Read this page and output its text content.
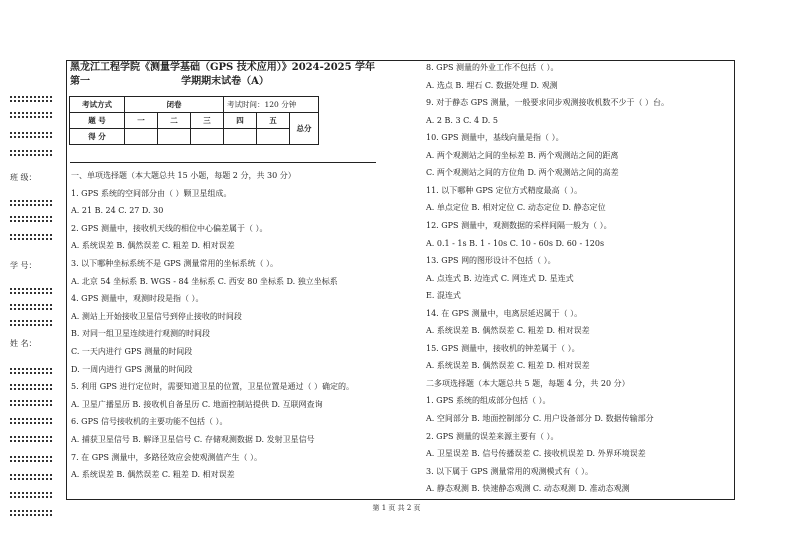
班 级：
学 号：
姓 名：
黑龙江工程学院《测量学基础（GPS 技术应用）》2024-2025 学年第一	学期期末试卷（A）
考试方式	闭卷			考试时间：120 分钟		
题 号	一	二	三	四	五	总分
得 分						
一、单项选择题（本大题总共 15 小题，每题 2 分，共 30 分）
1. GPS 系统的空间部分由（ ）颗卫星组成。
A. 21 B. 24 C. 27 D. 30
2. GPS 测量中，接收机天线的相位中心偏差属于（ ）。
A. 系统误差 B. 偶然误差 C. 粗差 D. 相对误差
3. 以下哪种坐标系统不是 GPS 测量常用的坐标系统（ ）。
A. 北京 54 坐标系 B. WGS - 84 坐标系 C. 西安 80 坐标系 D. 独立坐标系
4. GPS 测量中，观测时段是指（ ）。
A. 测站上开始接收卫星信号到停止接收的时间段
B. 对同一组卫星连续进行观测的时间段
C. 一天内进行 GPS 测量的时间段
D. 一周内进行 GPS 测量的时间段
5. 利用 GPS 进行定位时，需要知道卫星的位置，卫星位置是通过（ ）确定的。
A. 卫星广播星历 B. 接收机自备星历 C. 地面控制站提供 D. 互联网查询
6. GPS 信号接收机的主要功能不包括（ ）。
A. 捕获卫星信号 B. 解译卫星信号 C. 存储观测数据 D. 发射卫星信号
7. 在 GPS 测量中，多路径效应会使观测值产生（ ）。
A. 系统误差 B. 偶然误差 C. 粗差 D. 相对误差
8. GPS 测量的外业工作不包括（ ）。
A. 选点 B. 埋石 C. 数据处理 D. 观测
9. 对于静态 GPS 测量，一般要求同步观测接收机数不少于（ ）台。
A. 2 B. 3 C. 4 D. 5
10. GPS 测量中，基线向量是指（ ）。
A. 两个观测站之间的坐标差 B. 两个观测站之间的距离
C. 两个观测站之间的方位角 D. 两个观测站之间的高差
11. 以下哪种 GPS 定位方式精度最高（ ）。
A. 单点定位 B. 相对定位 C. 动态定位 D. 静态定位
12. GPS 测量中，观测数据的采样间隔一般为（ ）。
A. 0.1 - 1s B. 1 - 10s C. 10 - 60s D. 60 - 120s
13. GPS 网的图形设计不包括（ ）。
A. 点连式 B. 边连式 C. 网连式 D. 星连式
E. 混连式
14. 在 GPS 测量中，电离层延迟属于（ ）。
A. 系统误差 B. 偶然误差 C. 粗差 D. 相对误差
15. GPS 测量中，接收机的钟差属于（ ）。
A. 系统误差 B. 偶然误差 C. 粗差 D. 相对误差
二多项选择题（本大题总共 5 题，每题 4 分，共 20 分）
1. GPS 系统的组成部分包括（ ）。
A. 空间部分 B. 地面控制部分 C. 用户设备部分 D. 数据传输部分
2. GPS 测量的误差来源主要有（ ）。
A. 卫星误差 B. 信号传播误差 C. 接收机误差 D. 外界环境误差
3. 以下属于 GPS 测量常用的观测模式有（ ）。
A. 静态观测 B. 快速静态观测 C. 动态观测 D. 准动态观测
第 1 页 共 2 页
